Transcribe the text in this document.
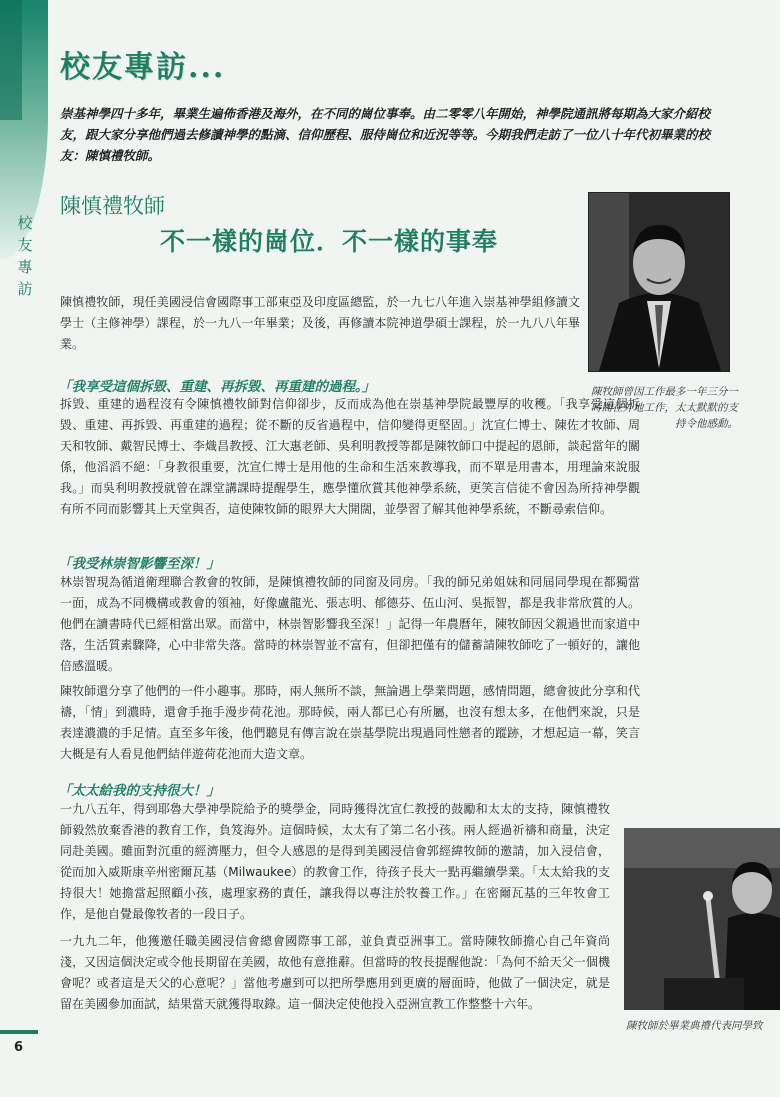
校友專訪...
校友專訪

崇基神學四十多年，畢業生遍佈香港及海外，在不同的崗位事奉。由二零零八年開始，神學院通訊將每期為大家介紹校友，跟大家分享他們過去修讀神學的點滴、信仰歷程、服侍崗位和近況等等。今期我們走訪了一位八十年代初畢業的校友：陳慎禮牧師。

陳慎禮牧師
不一樣的崗位．不一樣的事奉
陳牧師曾因工作最多一年三分一時間在外地工作，太太默默的支持令他感動。

陳慎禮牧師，現任美國浸信會國際事工部東亞及印度區總監，於一九七八年進入崇基神學組修讀文學士（主修神學）課程，於一九八一年畢業；及後，再修讀本院神道學碩士課程，於一九八八年畢業。

「我享受這個拆毀、重建、再拆毀、再重建的過程。」

拆毀、重建的過程沒有令陳慎禮牧師對信仰卻步，反而成為他在崇基神學院最豐厚的收穫。「我享受這個拆毀、重建、再拆毀、再重建的過程；從不斷的反省過程中，信仰變得更堅固。」沈宣仁博士、陳佐才牧師、周天和牧師、戴智民博士、李熾昌教授、江大惠老師、吳利明教授等都是陳牧師口中提起的恩師，談起當年的關係，他滔滔不絕：「身教很重要，沈宣仁博士是用他的生命和生活來教導我，而不單是用書本，用理論來說服我。」而吳利明教授就曾在課堂講課時提醒學生，應學懂欣賞其他神學系統，更笑言信徒不會因為所持神學觀有所不同而影響其上天堂與否，這使陳牧師的眼界大大開闊，並學習了解其他神學系統，不斷尋索信仰。

「我受林崇智影響至深！」

林崇智現為循道衛理聯合教會的牧師，是陳慎禮牧師的同窗及同房。「我的師兄弟姐妹和同屆同學現在都獨當一面，成為不同機構或教會的領袖，好像盧龍光、張志明、郁德芬、伍山河、吳振智，都是我非常欣賞的人。他們在讀書時代已經相當出眾。而當中，林崇智影響我至深！」記得一年農曆年，陳牧師因父親過世而家道中落，生活質素驟降，心中非常失落。當時的林崇智並不富有，但卻把僅有的儲蓄請陳牧師吃了一頓好的，讓他倍感溫暖。

陳牧師還分享了他們的一件小趣事。那時，兩人無所不談，無論遇上學業問題，感情問題，總會彼此分享和代禱，「情」到濃時，還會手拖手漫步荷花池。那時候，兩人都已心有所屬，也沒有想太多，在他們來說，只是表達濃濃的手足情。直至多年後，他們聽見有傳言說在崇基學院出現過同性戀者的蹤跡，才想起這一幕，笑言大概是有人看見他們結伴遊荷花池而大造文章。

「太太給我的支持很大！」

一九八五年，得到耶魯大學神學院給予的獎學金，同時獲得沈宣仁教授的鼓勵和太太的支持，陳慎禮牧師毅然放棄香港的教育工作，負笈海外。這個時候，太太有了第二名小孩。兩人經過祈禱和商量，決定同赴美國。雖面對沉重的經濟壓力，但令人感恩的是得到美國浸信會郭經緯牧師的邀請，加入浸信會，從而加入威斯康辛州密爾瓦基（Milwaukee）的教會工作，待孩子長大一點再繼續學業。「太太給我的支持很大！她擔當起照顧小孩，處理家務的責任，讓我得以專注於牧養工作。」在密爾瓦基的三年牧會工作，是他自覺最像牧者的一段日子。

一九九二年，他獲邀任職美國浸信會總會國際事工部，並負責亞洲事工。當時陳牧師擔心自己年資尚淺，又因這個決定或令他長期留在美國，故他有意推辭。但當時的牧長提醒他說：「為何不給天父一個機會呢？或者這是天父的心意呢？」當他考慮到可以把所學應用到更廣的層面時，他做了一個決定，就是留在美國參加面試，結果當天就獲得取錄。這一個決定使他投入亞洲宣教工作整整十六年。

陳牧師於畢業典禮代表同學致
6
